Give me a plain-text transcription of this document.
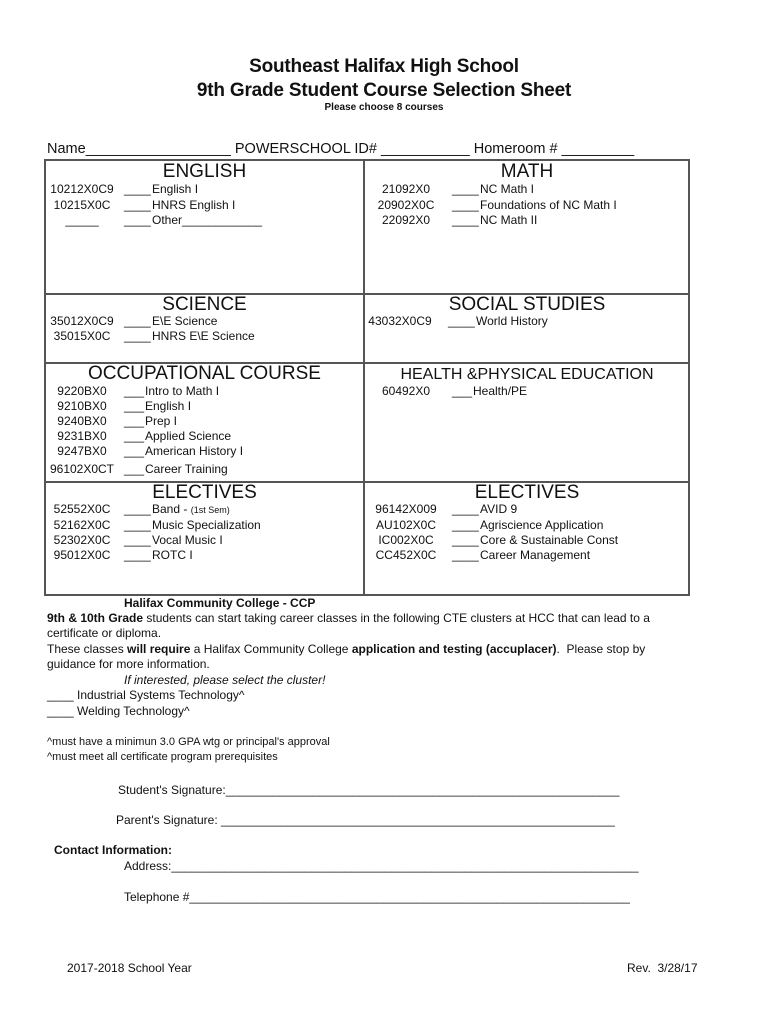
Southeast Halifax High School
9th Grade Student Course Selection Sheet
Please choose 8 courses
Name__________________ POWERSCHOOL ID# ___________ Homeroom # _________
ENGLISH
10212X0C9 ____ English I
10215X0C	____ HNRS English I
_____	____ Other____________
MATH
21092X0	____ NC Math I
20902X0C	____ Foundations of NC Math I
22092X0	____ NC Math II
SCIENCE
35012X0C9 ____ E\E Science
35015X0C	____ HNRS E\E Science
SOCIAL STUDIES
43032X0C9	____ World History
OCCUPATIONAL COURSE
9220BX0	___ Intro to Math I
9210BX0	___ English I
9240BX0	___ Prep I
9231BX0	___ Applied Science
9247BX0	___ American History I
96102X0CT ___ Career Training
HEALTH &PHYSICAL EDUCATION
60492X0	___ Health/PE
ELECTIVES
52552X0C	____ Band - (1st Sem)
52162X0C	____ Music Specialization
52302X0C	____ Vocal Music I
95012X0C	____ ROTC I
ELECTIVES
96142X009	____ AVID 9
AU102X0C	____ Agriscience Application
IC002X0C	____ Core & Sustainable Const
CC452X0C	____ Career Management
Halifax Community College - CCP
9th & 10th Grade students can start taking career classes in the following CTE clusters at HCC that can lead to a
certificate or diploma.
These classes will require a Halifax Community College application and testing (accuplacer).  Please stop by
guidance for more information.
If interested, please select the cluster!
____ Industrial Systems Technology^
____ Welding Technology^
^must have a minimun 3.0 GPA wtg or principal's approval
^must meet all certificate program prerequisites
Student's Signature:___________________________________________________________
Parent's Signature: ___________________________________________________________
Contact Information:
Address:______________________________________________________________________
Telephone #__________________________________________________________________
2017-2018 School Year	Rev.  3/28/17
